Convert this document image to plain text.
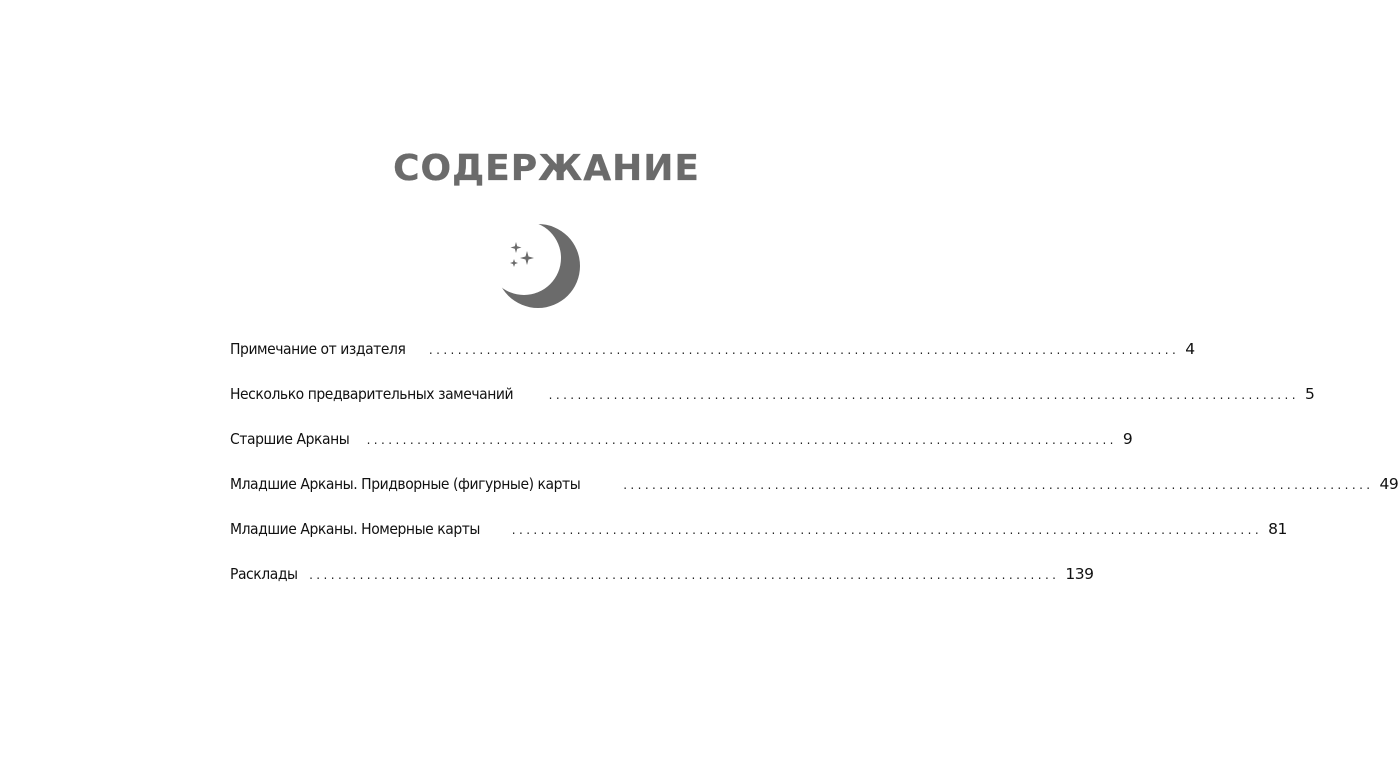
СОДЕРЖАНИЕ
Примечание от издателя ........................................................................................................ 4
Несколько предварительных замечаний	........................................................................................................ 5
Старшие Арканы ........................................................................................................ 9
Младшие Арканы. Придворные (фигурные) карты	........................................................................................................ 49
Младшие Арканы. Номерные карты	........................................................................................................ 81
Расклады ........................................................................................................ 139
